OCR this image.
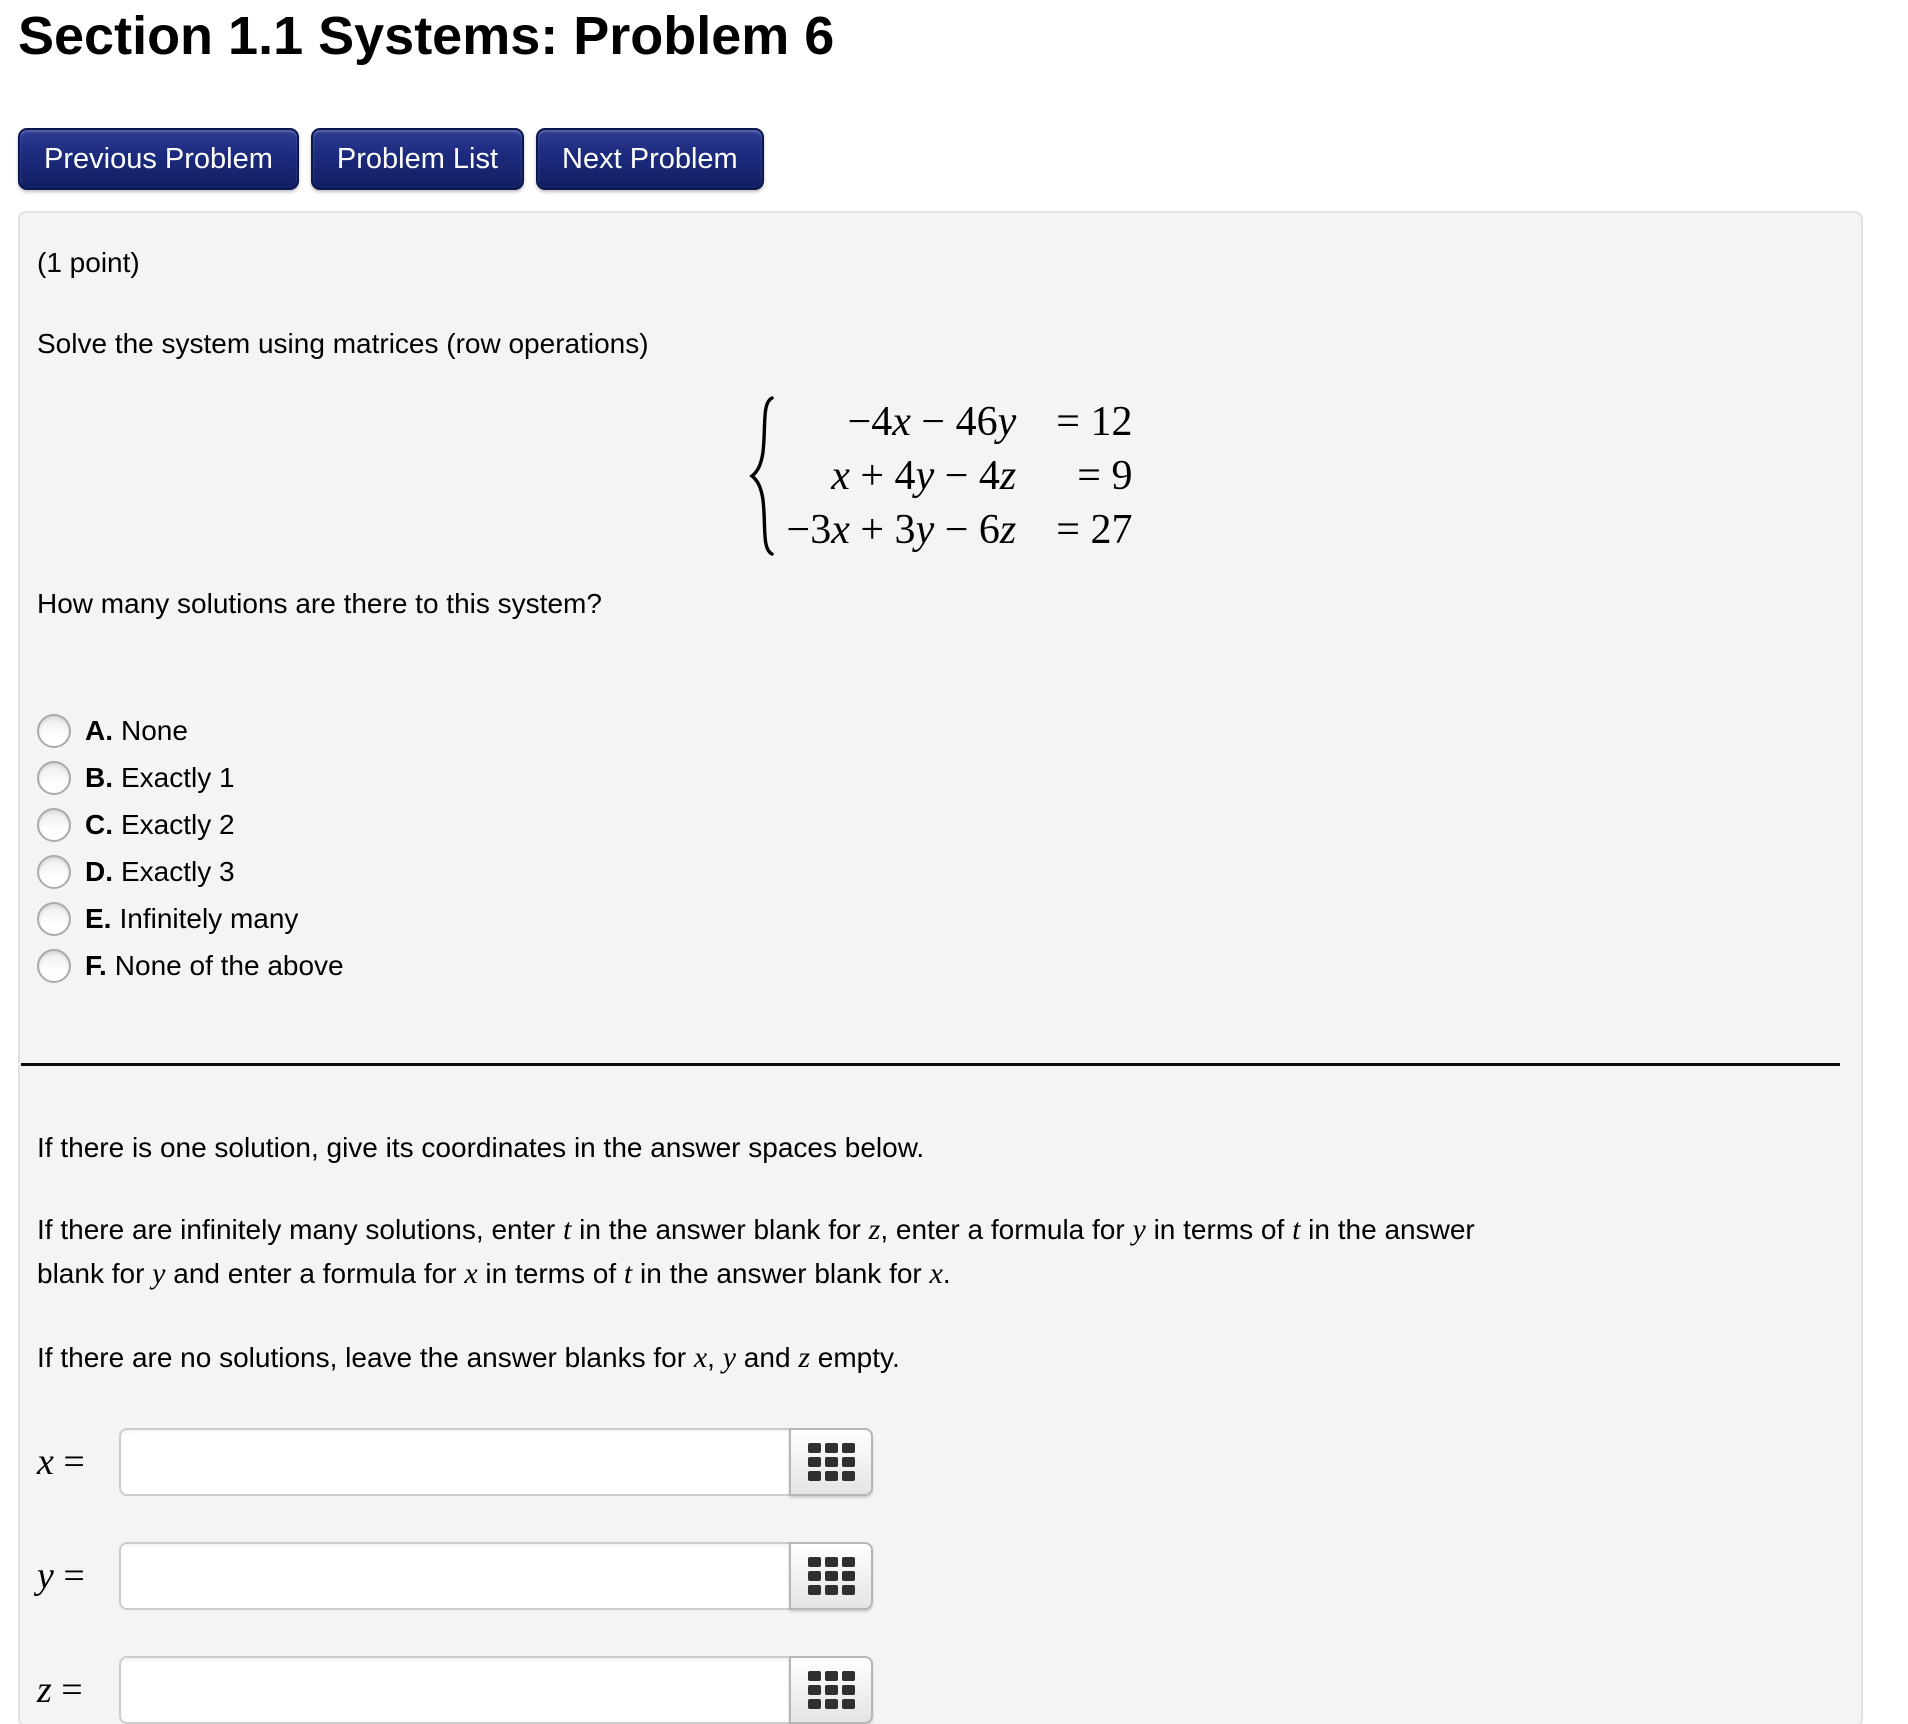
Section 1.1 Systems: Problem 6
Previous Problem	Problem List	Next Problem

(1 point)

Solve the system using matrices (row operations)

−4x − 46y = 12
x + 4y − 4z = 9
−3x + 3y − 6z = 27

How many solutions are there to this system?

A. None
B. Exactly 1
C. Exactly 2
D. Exactly 3
E. Infinitely many
F. None of the above

If there is one solution, give its coordinates in the answer spaces below.

If there are infinitely many solutions, enter t in the answer blank for z, enter a formula for y in terms of t in the answer blank for y and enter a formula for x in terms of t in the answer blank for x.

If there are no solutions, leave the answer blanks for x, y and z empty.

x =
y =
z =
